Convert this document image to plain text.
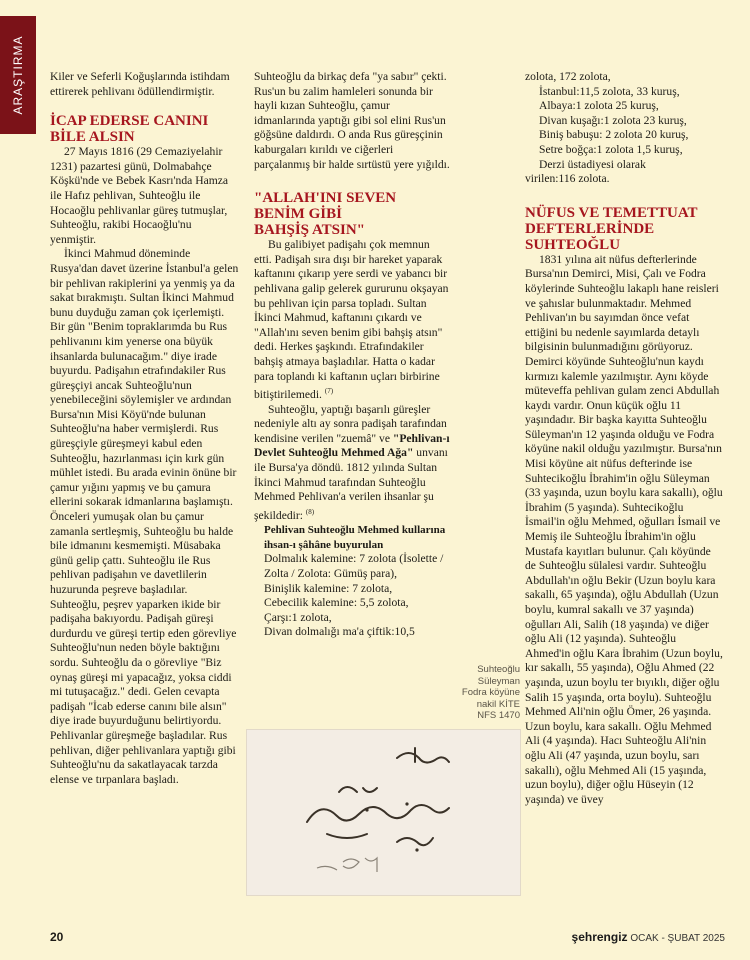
ARAŞTIRMA Kiler ve Seferli Koğuşlarında istihdam ettirerek pehlivanı ödüllendirmiştir.

İCAP EDERSE CANINI
BİLE ALSIN

27 Mayıs 1816 (29 Cemaziyelahir 1231) pazartesi günü, Dolmabahçe Köşkü'nde ve Bebek Kasrı'nda Hamza ile Hafız pehlivan, Suhteoğlu ile Hocaoğlu pehlivanlar güreş tutmuşlar, Suhteoğlu, rakibi Hocaoğlu'nu yenmiştir.

İkinci Mahmud döneminde Rusya'dan davet üzerine İstanbul'a gelen bir pehlivan rakiplerini ya yenmiş ya da sakat bırakmıştı. Sultan İkinci Mahmud bunu duyduğu zaman çok içerlemişti. Bir gün "Benim topraklarımda bu Rus pehlivanını kim yenerse ona büyük ihsanlarda bulunacağım." diye irade buyurdu. Padişahın etrafındakiler Rus güreşçiyi ancak Suhteoğlu'nun yenebileceğini söylemişler ve ardından Bursa'nın Misi Köyü'nde bulunan Suhteoğlu'na haber vermişlerdi. Rus güreşçiyle güreşmeyi kabul eden Suhteoğlu, hazırlanması için kırk gün mühlet istedi. Bu arada evinin önüne bir çamur yığını yapmış ve bu çamura ellerini sokarak idmanlarına başlamıştı. Önceleri yumuşak olan bu çamur zamanla sertleşmiş, Suhteoğlu bu halde bile idmanını kesmemişti. Müsabaka günü gelip çattı. Suhteoğlu ile Rus pehlivan padişahın ve davetlilerin huzurunda peşreve başladılar. Suhteoğlu, peşrev yaparken ikide bir padişaha bakıyordu. Padişah güreşi durdurdu ve güreşi tertip eden görevliye Suhteoğlu'nun neden böyle baktığını sordu. Suhteoğlu da o görevliye "Biz oynaş güreşi mi yapacağız, yoksa ciddi mi tutuşacağız." dedi. Gelen cevapta padişah "İcab ederse canını bile alsın" diye irade buyurduğunu belirtiyordu. Pehlivanlar güreşmeğe başladılar. Rus pehlivan, diğer pehlivanlara yaptığı gibi Suhteoğlu'nu da sakatlayacak tarzda elense ve tırpanlara başladı.

Suhteoğlu da birkaç defa "ya sabır" çekti. Rus'un bu zalim hamleleri sonunda bir hayli kızan Suhteoğlu, çamur idmanlarında yaptığı gibi sol elini Rus'un göğsüne daldırdı. O anda Rus güreşçinin kaburgaları kırıldı ve ciğerleri parçalanmış bir halde sırtüstü yere yığıldı.

"ALLAH'INI SEVEN
BENİM GİBİ
BAHŞİŞ ATSIN"

Bu galibiyet padişahı çok memnun etti. Padişah sıra dışı bir hareket yaparak kaftanını çıkarıp yere serdi ve yabancı bir pehlivana galip gelerek gururunu okşayan bu pehlivan için parsa topladı. Sultan İkinci Mahmud, kaftanını çıkardı ve "Allah'ını seven benim gibi bahşiş atsın" dedi. Herkes şaşkındı. Etrafındakiler bahşiş atmaya başladılar. Hatta o kadar para toplandı ki kaftanın uçları birbirine bitiştirilemedi. $^{(7)}$

Suhteoğlu, yaptığı başarılı güreşler nedeniyle altı ay sonra padişah tarafından kendisine verilen "zuemâ" ve "Pehlivan-ı Devlet Suhteoğlu Mehmed Ağa" unvanı ile Bursa'ya döndü. 1812 yılında Sultan İkinci Mahmud tarafından Suhteoğlu Mehmed Pehlivan'a verilen ihsanlar şu şekildedir: $^{(8)}$

Pehlivan Suhteoğlu Mehmed kullarına ihsan-ı şâhâne buyurulan

Dolmalık kalemine: 7 zolota (İsolette / Zolta / Zolota: Gümüş para),

Binişlik kalemine: 7 zolota,

Cebecilik kalemine: 5,5 zolota,

Çarşı:1 zolota,

Divan dolmalığı ma'a çiftik:10,5

zolota, 172 zolota,

İstanbul:11,5 zolota, 33 kuruş,

Albaya:1 zolota 25 kuruş,

Divan kuşağı:1 zolota 23 kuruş,

Biniş babuşu: 2 zolota 20 kuruş,

Setre boğça:1 zolota 1,5 kuruş,

Derzi üstadiyesi olarak

virilen:116 zolota.

NÜFUS VE TEMETTUAT
DEFTERLERİNDE
SUHTEOĞLU

1831 yılına ait nüfus defterlerinde Bursa'nın Demirci, Misi, Çalı ve Fodra köylerinde Suhteoğlu lakaplı hane reisleri ve şahıslar bulunmaktadır. Mehmed Pehlivan'ın bu sayımdan önce vefat ettiğini bu nedenle sayımlarda detaylı bilgisinin bulunmadığını görüyoruz. Demirci köyünde Suhteoğlu'nun kaydı kırmızı kalemle yazılmıştır. Aynı köyde müteveffa pehlivan gulam zenci Abdullah kaydı vardır. Onun küçük oğlu 11 yaşındadır. Bir başka kayıtta Suhteoğlu Süleyman'ın 12 yaşında olduğu ve Fodra köyüne nakil olduğu yazılmıştır. Bursa'nın Misi köyüne ait nüfus defterinde ise Suhtecikoğlu İbrahim'in oğlu Süleyman (33 yaşında, uzun boylu kara sakallı), oğlu İbrahim (5 yaşında). Suhtecikoğlu İsmail'in oğlu Mehmed, oğulları İsmail ve Memiş ile Suhteoğlu İbrahim'in oğlu Mustafa kayıtları bulunur. Çalı köyünde de Suhteoğlu sülalesi vardır. Suhteoğlu Abdullah'ın oğlu Bekir (Uzun boylu kara sakallı, 65 yaşında), oğlu Abdullah (Uzun boylu, kumral sakallı ve 37 yaşında) oğulları Ali, Salih (18 yaşında) ve diğer oğlu Ali (12 yaşında). Suhteoğlu Ahmed'in oğlu Kara İbrahim (Uzun boylu, kır sakallı, 55 yaşında), Oğlu Ahmed (22 yaşında, uzun boylu ter bıyıklı, diğer oğlu Salih 15 yaşında, orta boylu). Suhteoğlu Mehmed Ali'nin oğlu Ömer, 26 yaşında. Uzun boylu, kara sakallı. Oğlu Mehmed Ali (4 yaşında). Hacı Suhteoğlu Ali'nin oğlu Ali (47 yaşında, uzun boylu, sarı sakallı), oğlu Mehmed Ali (15 yaşında, uzun boylu), diğer oğlu Hüseyin (12 yaşında) ve üvey

Suhteoğlu
Süleyman
Fodra köyüne
nakil KİTE
NFS 1470
20	şehrengiz OCAK - ŞUBAT 2025
